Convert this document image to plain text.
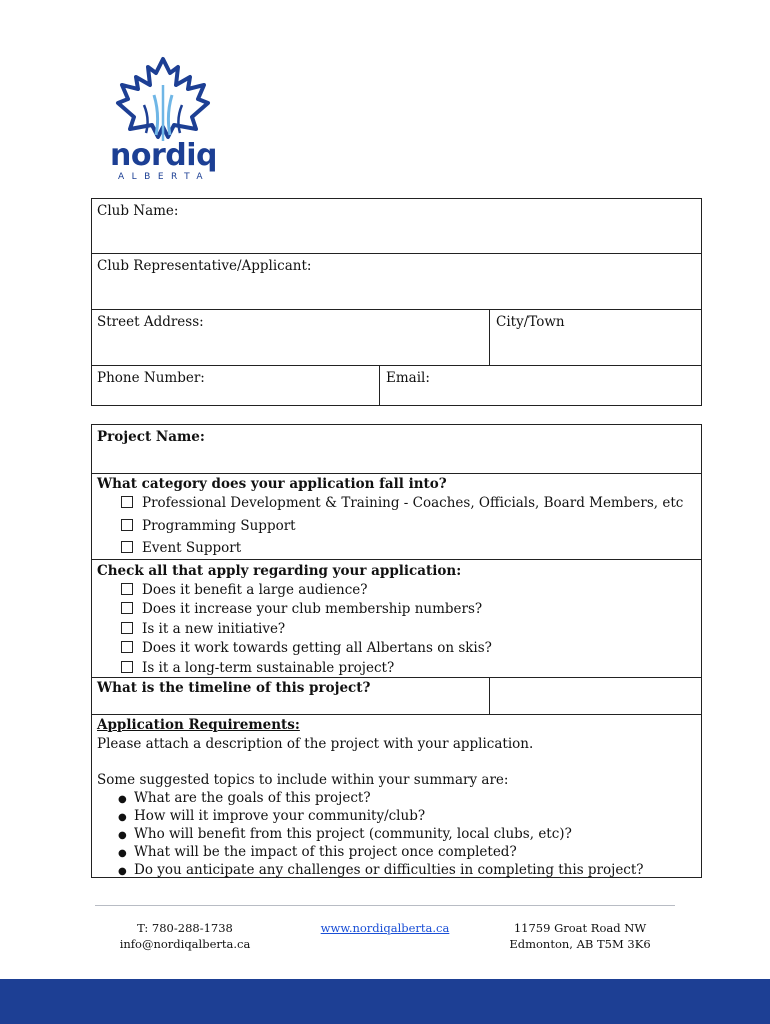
nordiq
ALBERTA
Club Name:
Club Representative/Applicant:
Street Address:	City/Town
Phone Number:	Email:
Project Name:
What category does your application fall into?
Professional Development & Training - Coaches, Officials, Board Members, etc
Programming Support
Event Support
Check all that apply regarding your application:
Does it benefit a large audience?
Does it increase your club membership numbers?
Is it a new initiative?
Does it work towards getting all Albertans on skis?
Is it a long-term sustainable project?
What is the timeline of this project?
Application Requirements:
Please attach a description of the project with your application.
Some suggested topics to include within your summary are:
● What are the goals of this project?
● How will it improve your community/club?
● Who will benefit from this project (community, local clubs, etc)?
● What will be the impact of this project once completed?
● Do you anticipate any challenges or difficulties in completing this project?
T: 780-288-1738
info@nordiqalberta.ca
www.nordiqalberta.ca	11759 Groat Road NW
Edmonton, AB T5M 3K6
